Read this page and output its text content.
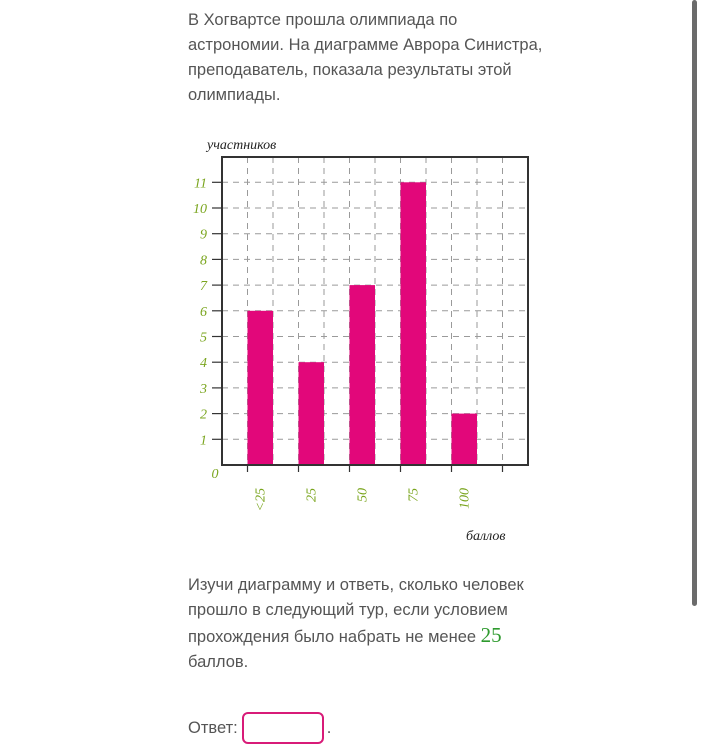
В Хогвартсе прошла олимпиада по астрономии. На диаграмме Аврора Синистра, преподаватель, показала результаты этой олимпиады.

1
2
3
4
5
6
7
8
9
10
11
0
<25	25	50	75	100
участников
баллов

Изучи диаграмму и ответь, сколько человек прошло в следующий тур, если условием прохождения было набрать не менее 25 баллов.

Ответ:	.
